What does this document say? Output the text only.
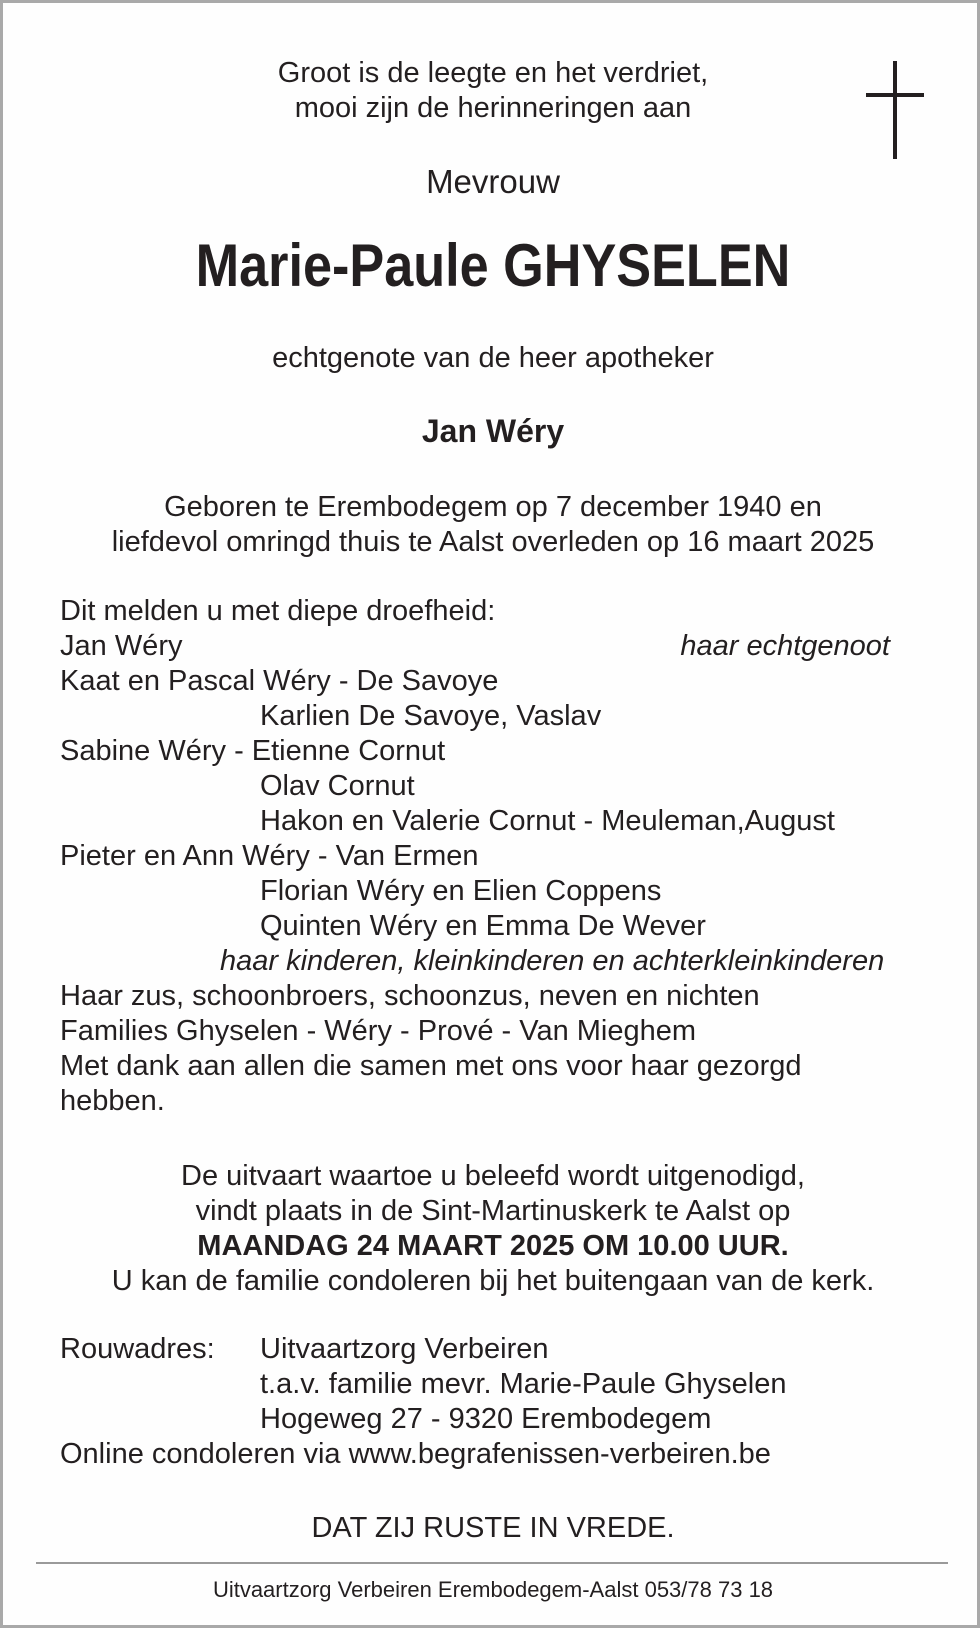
Groot is de leegte en het verdriet,
mooi zijn de herinneringen aan
Mevrouw
Marie-Paule GHYSELEN
echtgenote van de heer apotheker
Jan Wéry
Geboren te Erembodegem op 7 december 1940 en
liefdevol omringd thuis te Aalst overleden op 16 maart 2025
Dit melden u met diepe droefheid:
Jan Wéry	haar echtgenoot
Kaat en Pascal Wéry - De Savoye
Karlien De Savoye, Vaslav
Sabine Wéry - Etienne Cornut
Olav Cornut
Hakon en Valerie Cornut - Meuleman,August
Pieter en Ann Wéry - Van Ermen
Florian Wéry en Elien Coppens
Quinten Wéry en Emma De Wever
haar kinderen, kleinkinderen en achterkleinkinderen
Haar zus, schoonbroers, schoonzus, neven en nichten
Families Ghyselen - Wéry - Prové - Van Mieghem
Met dank aan allen die samen met ons voor haar gezorgd
hebben.
De uitvaart waartoe u beleefd wordt uitgenodigd,
vindt plaats in de Sint-Martinuskerk te Aalst op
MAANDAG 24 MAART 2025 OM 10.00 UUR.
U kan de familie condoleren bij het buitengaan van de kerk.
Rouwadres: Uitvaartzorg Verbeiren
t.a.v. familie mevr. Marie-Paule Ghyselen
Hogeweg 27 - 9320 Erembodegem
Online condoleren via www.begrafenissen-verbeiren.be
DAT ZIJ RUSTE IN VREDE.
Uitvaartzorg Verbeiren Erembodegem-Aalst 053/78 73 18
